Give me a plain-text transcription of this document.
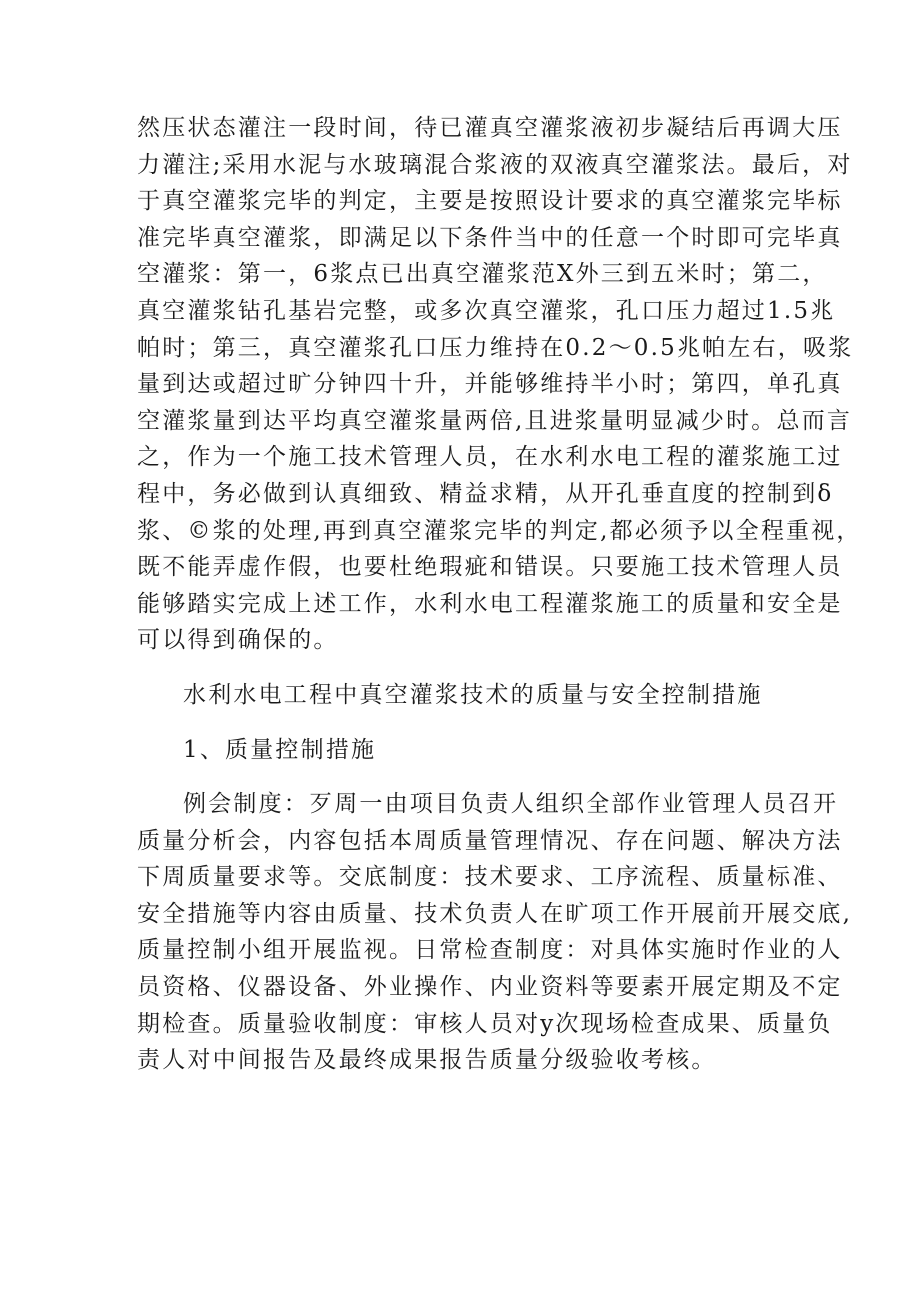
然压状态灌注一段时间，待已灌真空灌浆液初步凝结后再调大压
力灌注;采用水泥与水玻璃混合浆液的双液真空灌浆法。最后，对
于真空灌浆完毕的判定，主要是按照设计要求的真空灌浆完毕标
准完毕真空灌浆，即满足以下条件当中的任意一个时即可完毕真
空灌浆：第一，6浆点已出真空灌浆范X外三到五米时；第二，
真空灌浆钻孔基岩完整，或多次真空灌浆，孔口压力超过1.5兆
帕时；第三，真空灌浆孔口压力维持在0.2～0.5兆帕左右，吸浆
量到达或超过旷分钟四十升，并能够维持半小时；第四，单孔真
空灌浆量到达平均真空灌浆量两倍,且进浆量明显减少时。总而言
之，作为一个施工技术管理人员，在水利水电工程的灌浆施工过
程中，务必做到认真细致、精益求精，从开孔垂直度的控制到δ
浆、©浆的处理,再到真空灌浆完毕的判定,都必须予以全程重视，
既不能弄虚作假，也要杜绝瑕疵和错误。只要施工技术管理人员
能够踏实完成上述工作，水利水电工程灌浆施工的质量和安全是
可以得到确保的。
水利水电工程中真空灌浆技术的质量与安全控制措施
1、质量控制措施
例会制度：歹周一由项目负责人组织全部作业管理人员召开
质量分析会，内容包括本周质量管理情况、存在问题、解决方法
下周质量要求等。交底制度：技术要求、工序流程、质量标准、
安全措施等内容由质量、技术负责人在旷项工作开展前开展交底,
质量控制小组开展监视。日常检查制度：对具体实施时作业的人
员资格、仪器设备、外业操作、内业资料等要素开展定期及不定
期检查。质量验收制度：审核人员对y次现场检查成果、质量负
责人对中间报告及最终成果报告质量分级验收考核。
